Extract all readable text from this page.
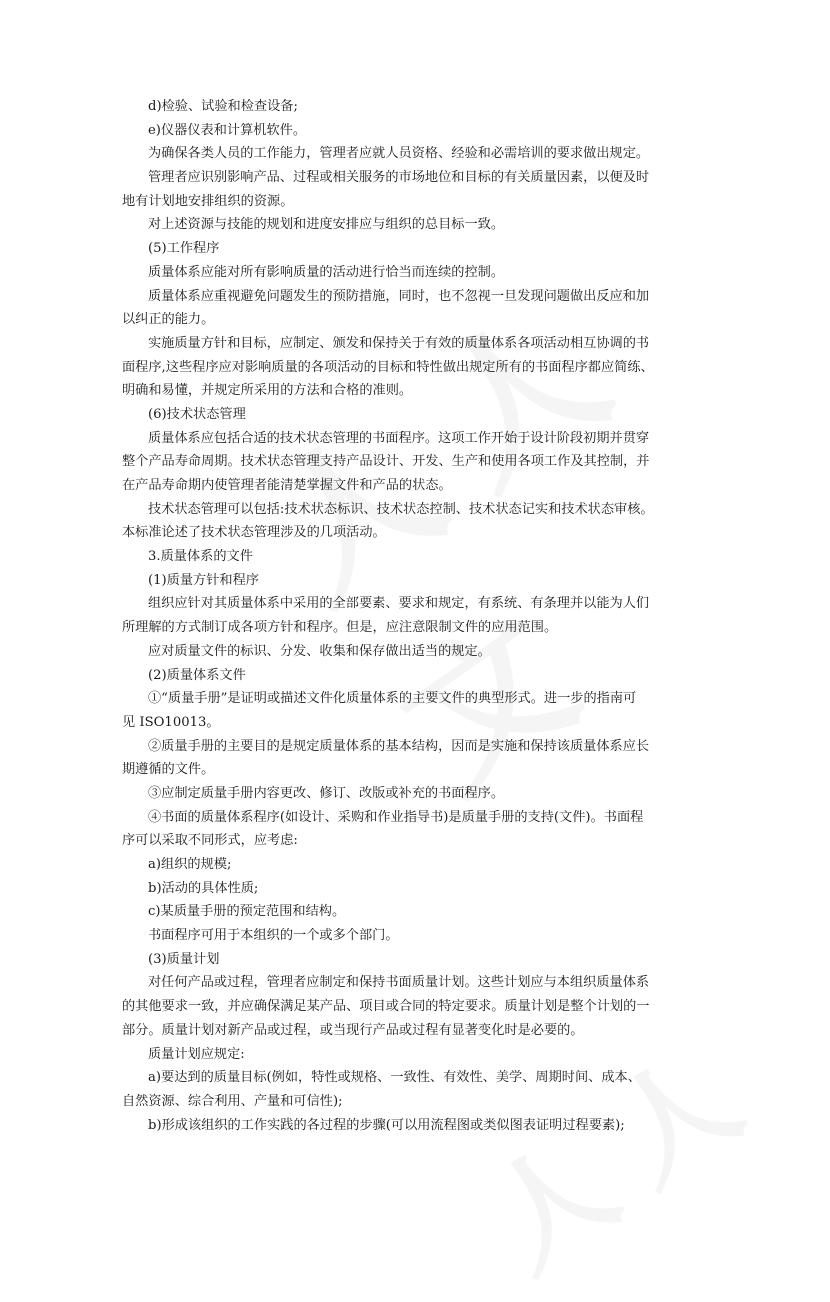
d)检验、试验和检查设备;
e)仪器仪表和计算机软件。
为确保各类人员的工作能力，管理者应就人员资格、经验和必需培训的要求做出规定。
管理者应识别影响产品、过程或相关服务的市场地位和目标的有关质量因素，以便及时
地有计划地安排组织的资源。
对上述资源与技能的规划和进度安排应与组织的总目标一致。
(5)工作程序
质量体系应能对所有影响质量的活动进行恰当而连续的控制。
质量体系应重视避免问题发生的预防措施，同时，也不忽视一旦发现问题做出反应和加
以纠正的能力。
实施质量方针和目标，应制定、颁发和保持关于有效的质量体系各项活动相互协调的书
面程序,这些程序应对影响质量的各项活动的目标和特性做出规定所有的书面程序都应简练、
明确和易懂，并规定所采用的方法和合格的准则。
(6)技术状态管理
质量体系应包括合适的技术状态管理的书面程序。这项工作开始于设计阶段初期并贯穿
整个产品寿命周期。技术状态管理支持产品设计、开发、生产和使用各项工作及其控制，并
在产品寿命期内使管理者能清楚掌握文件和产品的状态。
技术状态管理可以包括:技术状态标识、技术状态控制、技术状态记实和技术状态审核。
本标准论述了技术状态管理涉及的几项活动。
3.质量体系的文件
(1)质量方针和程序
组织应针对其质量体系中采用的全部要素、要求和规定，有系统、有条理并以能为人们
所理解的方式制订成各项方针和程序。但是，应注意限制文件的应用范围。
应对质量文件的标识、分发、收集和保存做出适当的规定。
(2)质量体系文件
①“质量手册”是证明或描述文件化质量体系的主要文件的典型形式。进一步的指南可
见 ISO10013。
②质量手册的主要目的是规定质量体系的基本结构，因而是实施和保持该质量体系应长
期遵循的文件。
③应制定质量手册内容更改、修订、改版或补充的书面程序。
④书面的质量体系程序(如设计、采购和作业指导书)是质量手册的支持(文件)。书面程
序可以采取不同形式，应考虑:
a)组织的规模;
b)活动的具体性质;
c)某质量手册的预定范围和结构。
书面程序可用于本组织的一个或多个部门。
(3)质量计划
对任何产品或过程，管理者应制定和保持书面质量计划。这些计划应与本组织质量体系
的其他要求一致，并应确保满足某产品、项目或合同的特定要求。质量计划是整个计划的一
部分。质量计划对新产品或过程，或当现行产品或过程有显著变化时是必要的。
质量计划应规定:
a)要达到的质量目标(例如，特性或规格、一致性、有效性、美学、周期时间、成本、
自然资源、综合利用、产量和可信性);
b)形成该组织的工作实践的各过程的步骤(可以用流程图或类似图表证明过程要素);
